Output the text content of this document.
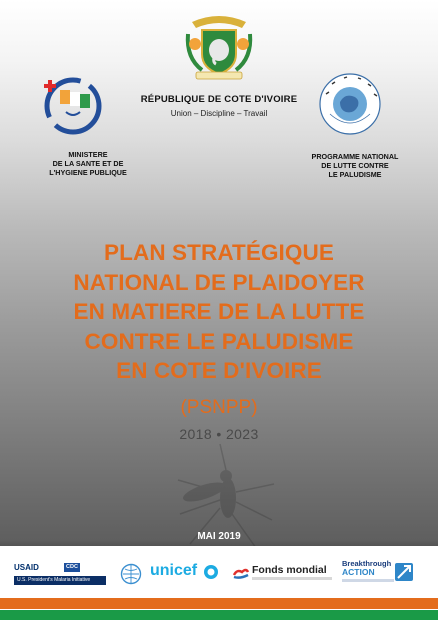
RÉPUBLIQUE DE COTE D'IVOIRE
Union – Discipline – Travail
MINISTERE
DE LA SANTE ET DE
L'HYGIENE PUBLIQUE
PROGRAMME NATIONAL
DE LUTTE CONTRE
LE PALUDISME
PLAN STRATÉGIQUE
NATIONAL DE PLAIDOYER
EN MATIERE DE LA LUTTE
CONTRE LE PALUDISME
EN COTE D'IVOIRE
(PSNPP)
2018 • 2023
MAI 2019
USAID	CDC
U.S. President's Malaria Initiative
unicef	Fonds mondial
Breakthrough
ACTION
